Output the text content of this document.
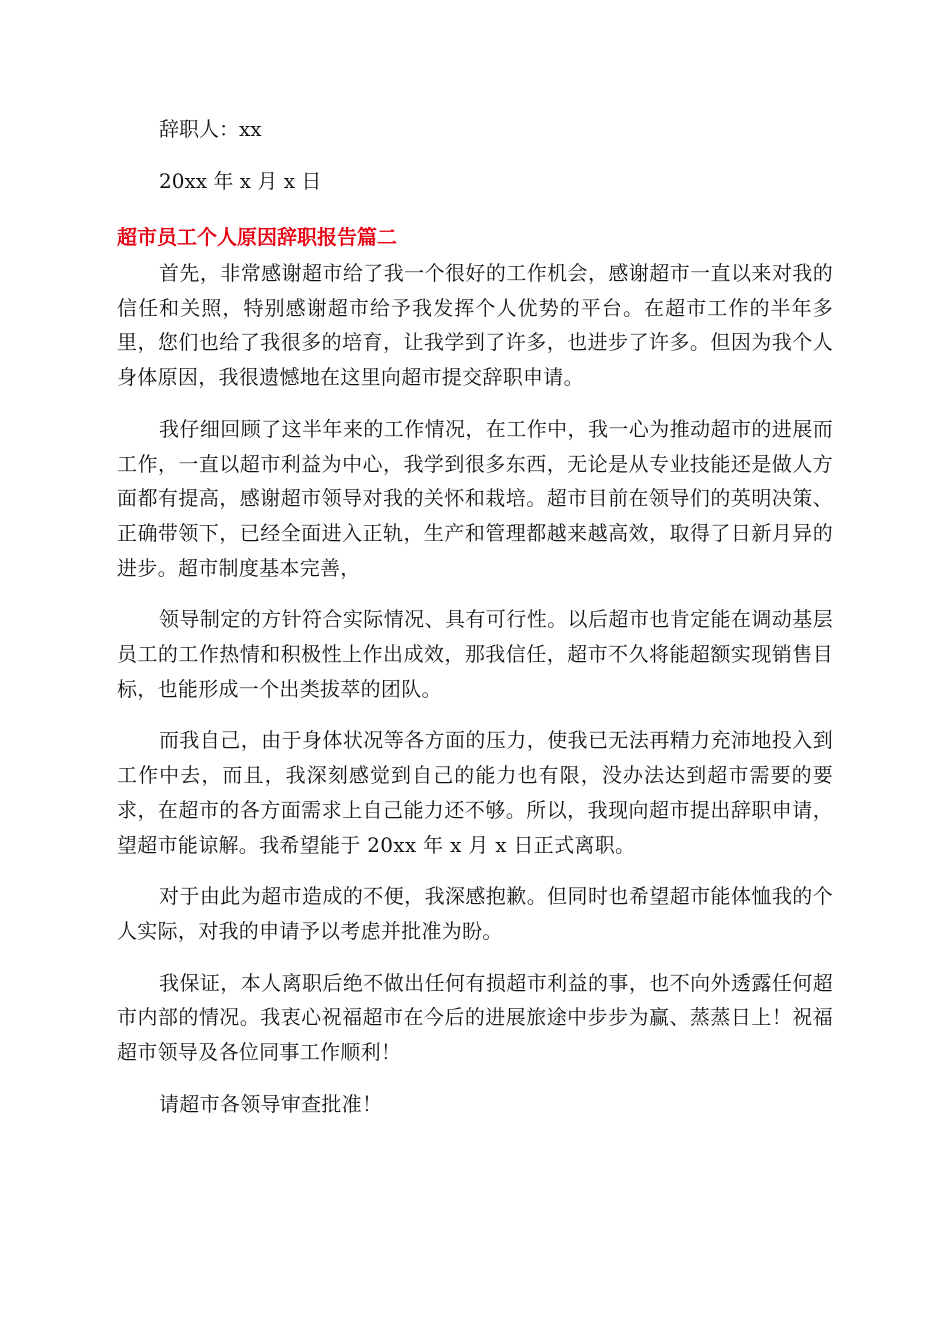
辞职人：xx

20xx 年 x 月 x 日

超市员工个人原因辞职报告篇二

首先，非常感谢超市给了我一个很好的工作机会，感谢超市一直以来对我的信任和关照，特别感谢超市给予我发挥个人优势的平台。在超市工作的半年多里，您们也给了我很多的培育，让我学到了许多，也进步了许多。但因为我个人身体原因，我很遗憾地在这里向超市提交辞职申请。

我仔细回顾了这半年来的工作情况，在工作中，我一心为推动超市的进展而工作，一直以超市利益为中心，我学到很多东西，无论是从专业技能还是做人方面都有提高，感谢超市领导对我的关怀和栽培。超市目前在领导们的英明决策、正确带领下，已经全面进入正轨，生产和管理都越来越高效，取得了日新月异的进步。超市制度基本完善，

领导制定的方针符合实际情况、具有可行性。以后超市也肯定能在调动基层员工的工作热情和积极性上作出成效，那我信任，超市不久将能超额实现销售目标，也能形成一个出类拔萃的团队。

而我自己，由于身体状况等各方面的压力，使我已无法再精力充沛地投入到工作中去，而且，我深刻感觉到自己的能力也有限，没办法达到超市需要的要求，在超市的各方面需求上自己能力还不够。所以，我现向超市提出辞职申请，望超市能谅解。我希望能于 20xx 年 x 月 x 日正式离职。

对于由此为超市造成的不便，我深感抱歉。但同时也希望超市能体恤我的个人实际，对我的申请予以考虑并批准为盼。

我保证，本人离职后绝不做出任何有损超市利益的事，也不向外透露任何超市内部的情况。我衷心祝福超市在今后的进展旅途中步步为赢、蒸蒸日上！祝福超市领导及各位同事工作顺利！

请超市各领导审查批准！
